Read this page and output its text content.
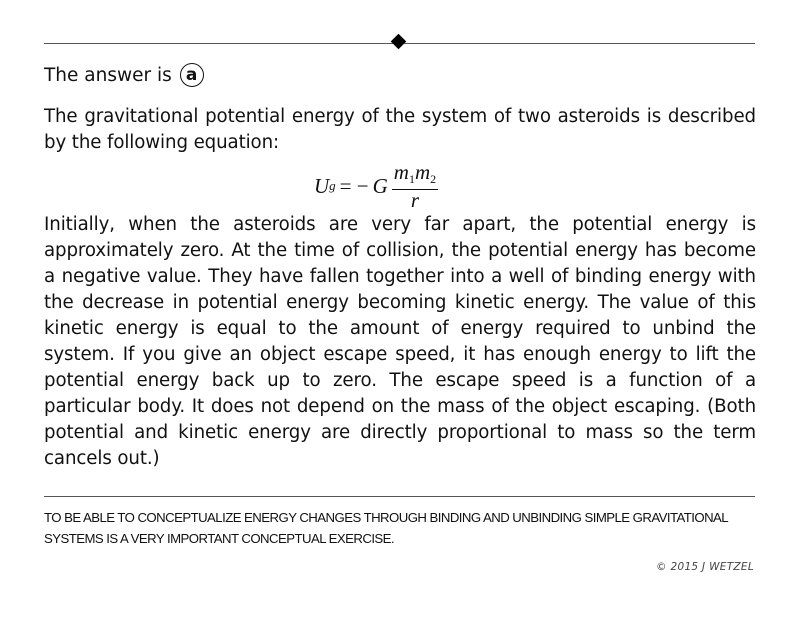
The answer is a
The gravitational potential energy of the system of two asteroids is described by the following equation:
U g = − G $\frac{m1m2}{r}$
Initially, when the asteroids are very far apart, the potential energy is approximately zero. At the time of collision, the potential energy has become a negative value. They have fallen together into a well of binding energy with the decrease in potential energy becoming kinetic energy. The value of this kinetic energy is equal to the amount of energy required to unbind the system. If you give an object escape speed, it has enough energy to lift the potential energy back up to zero. The escape speed is a function of a particular body. It does not depend on the mass of the object escaping. (Both potential and kinetic energy are directly proportional to mass so the term cancels out.)
TO BE ABLE TO CONCEPTUALIZE ENERGY CHANGES THROUGH BINDING AND UNBINDING SIMPLE GRAVITATIONAL SYSTEMS IS A VERY IMPORTANT CONCEPTUAL EXERCISE.
© 2015 J WETZEL
